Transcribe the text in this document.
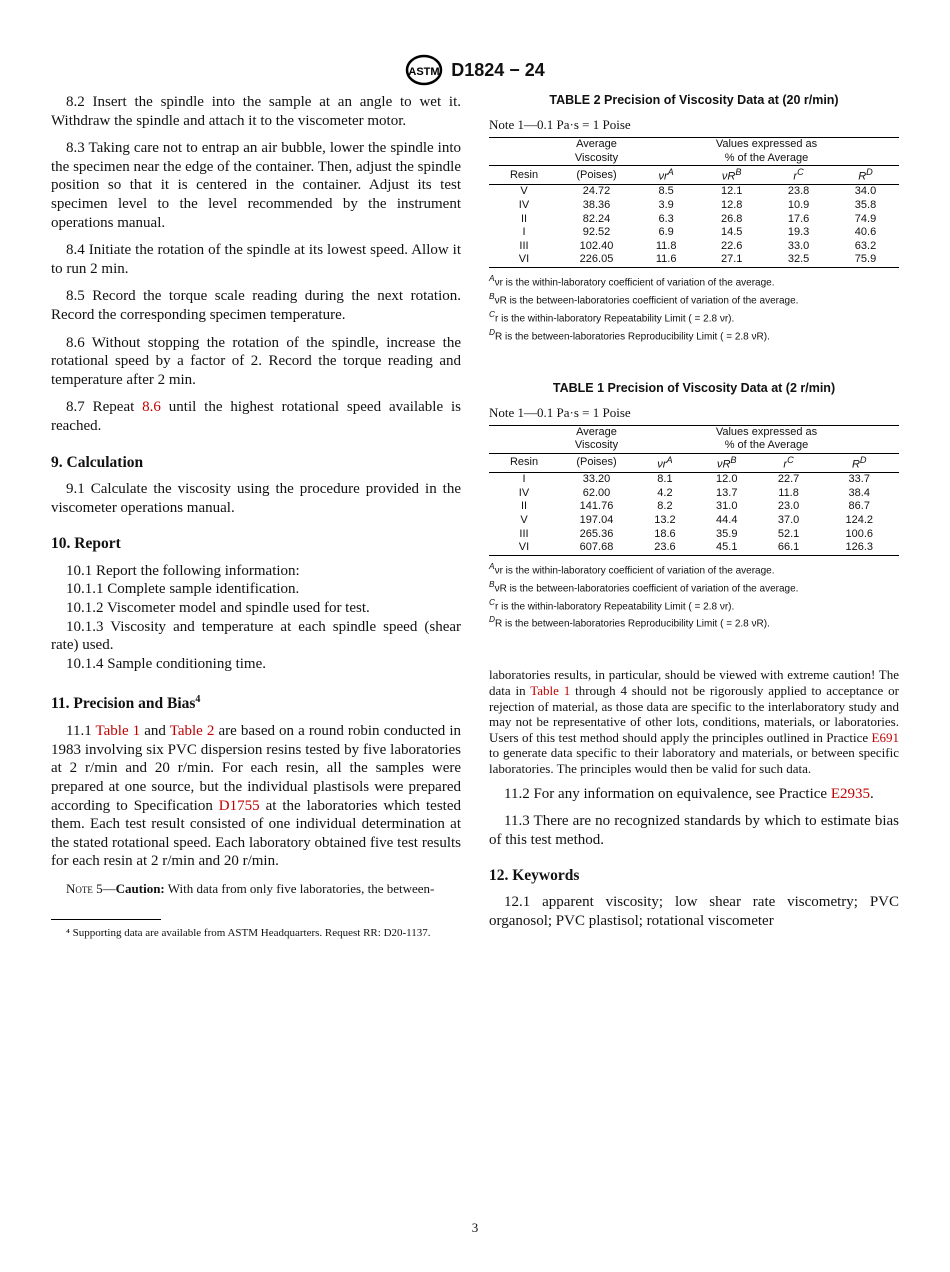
ASTM D1824 − 24

8.2 Insert the spindle into the sample at an angle to wet it. Withdraw the spindle and attach it to the viscometer motor.

8.3 Taking care not to entrap an air bubble, lower the spindle into the specimen near the edge of the container. Then, adjust the spindle position so that it is centered in the container. Adjust its test specimen level to the level recommended by the instrument operations manual.

8.4 Initiate the rotation of the spindle at its lowest speed. Allow it to run 2 min.

8.5 Record the torque scale reading during the next rotation. Record the corresponding specimen temperature.

8.6 Without stopping the rotation of the spindle, increase the rotational speed by a factor of 2. Record the torque reading and temperature after 2 min.

8.7 Repeat 8.6 until the highest rotational speed available is reached.

9. Calculation

9.1 Calculate the viscosity using the procedure provided in the viscometer operations manual.

10. Report

10.1 Report the following information:

10.1.1 Complete sample identification.

10.1.2 Viscometer model and spindle used for test.

10.1.3 Viscosity and temperature at each spindle speed (shear rate) used.

10.1.4 Sample conditioning time.

11. Precision and Bias$^4$

11.1 Table 1 and Table 2 are based on a round robin conducted in 1983 involving six PVC dispersion resins tested by five laboratories at 2 r/min and 20 r/min. For each resin, all the samples were prepared at one source, but the individual plastisols were prepared according to Specification D1755 at the laboratories which tested them. Each test result consisted of one individual determination at the stated rotational speed. Each laboratory obtained five test results for each resin at 2 r/min and 20 r/min.

Note 5—Caution: With data from only five laboratories, the between-

⁴ Supporting data are available from ASTM Headquarters. Request RR: D20-1137.
TABLE 2 Precision of Viscosity Data at (20 r/min)
Note 1—0.1 Pa·s = 1 Poise
	Average	Values expressed as			
	Viscosity	% of the Average			
Resin	(Poises)	$\nu r^A$	$\nu R^B$	$r^C$	$R^D$
V	24.72	8.5	12.1	23.8	34.0
IV	38.36	3.9	12.8	10.9	35.8
II	82.24	6.3	26.8	17.6	74.9
I	92.52	6.9	14.5	19.3	40.6
III	102.40	11.8	22.6	33.0	63.2
VI	226.05	11.6	27.1	32.5	75.9
$^A$νr is the within-laboratory coefficient of variation of the average.
$^B$νR is the between-laboratories coefficient of variation of the average.
$^C$r is the within-laboratory Repeatability Limit ( = 2.8 νr).
$^D$R is the between-laboratories Reproducibility Limit ( = 2.8 νR).
TABLE 1 Precision of Viscosity Data at (2 r/min)
Note 1—0.1 Pa·s = 1 Poise
	Average	Values expressed as			
	Viscosity	% of the Average			
Resin	(Poises)	$\nu r^A$	$\nu R^B$	$r^C$	$R^D$
I	33.20	8.1	12.0	22.7	33.7
IV	62.00	4.2	13.7	11.8	38.4
II	141.76	8.2	31.0	23.0	86.7
V	197.04	13.2	44.4	37.0	124.2
III	265.36	18.6	35.9	52.1	100.6
VI	607.68	23.6	45.1	66.1	126.3
$^A$νr is the within-laboratory coefficient of variation of the average.
$^B$νR is the between-laboratories coefficient of variation of the average.
$^C$r is the within-laboratory Repeatability Limit ( = 2.8 νr).
$^D$R is the between-laboratories Reproducibility Limit ( = 2.8 νR).
laboratories results, in particular, should be viewed with extreme caution! The data in Table 1 through 4 should not be rigorously applied to acceptance or rejection of material, as those data are specific to the interlaboratory study and may not be representative of other lots, conditions, materials, or laboratories. Users of this test method should apply the principles outlined in Practice E691 to generate data specific to their laboratory and materials, or between specific laboratories. The principles would then be valid for such data.

11.2 For any information on equivalence, see Practice E2935.

11.3 There are no recognized standards by which to estimate bias of this test method.

12. Keywords

12.1 apparent viscosity; low shear rate viscometry; PVC organosol; PVC plastisol; rotational viscometer

3
